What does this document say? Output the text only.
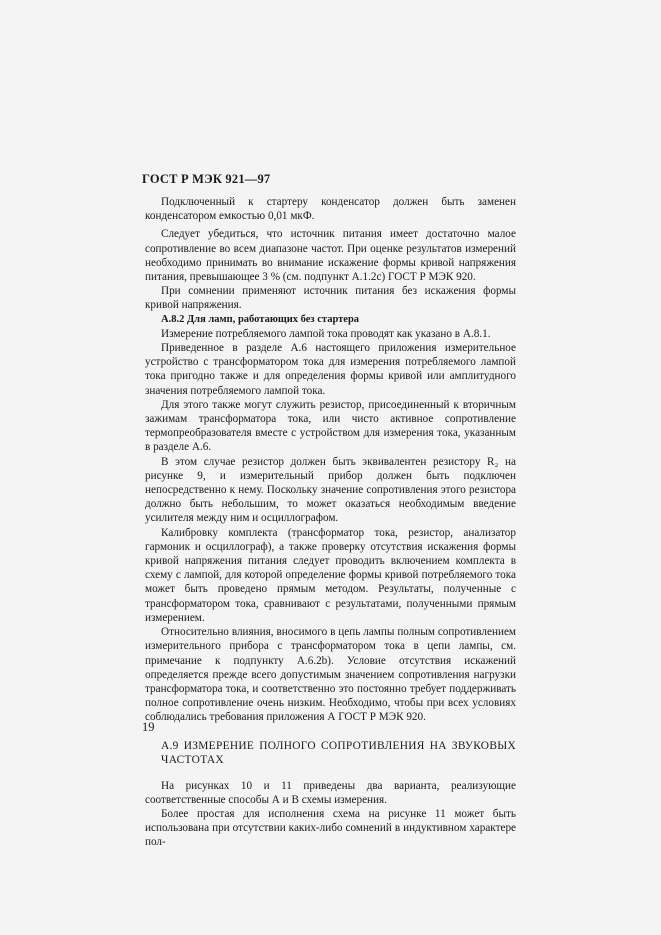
ГОСТ Р МЭК 921—97

Подключенный к стартеру конденсатор должен быть заменен конденсатором емкостью 0,01 мкФ.

Следует убедиться, что источник питания имеет достаточно малое сопротивление во всем диапазоне частот. При оценке результатов измерений необходимо принимать во внимание искажение формы кривой напряжения питания, превышающее 3 % (см. подпункт А.1.2с) ГОСТ Р МЭК 920.

При сомнении применяют источник питания без искажения формы кривой напряжения.

А.8.2 Для ламп, работающих без стартера

Измерение потребляемого лампой тока проводят как указано в А.8.1.

Приведенное в разделе А.6 настоящего приложения измерительное устройство с трансформатором тока для измерения потребляемого лампой тока пригодно также и для определения формы кривой или амплитудного значения потребляемого лампой тока.

Для этого также могут служить резистор, присоединенный к вторичным зажимам трансформатора тока, или чисто активное сопротивление термопреобразователя вместе с устройством для измерения тока, указанным в разделе А.6.

В этом случае резистор должен быть эквивалентен резистору R₂ на рисунке 9, и измерительный прибор должен быть подключен непосредственно к нему. Поскольку значение сопротивления этого резистора должно быть небольшим, то может оказаться необходимым введение усилителя между ним и осциллографом.

Калибровку комплекта (трансформатор тока, резистор, анализатор гармоник и осциллограф), а также проверку отсутствия искажения формы кривой напряжения питания следует проводить включением комплекта в схему с лампой, для которой определение формы кривой потребляемого тока может быть проведено прямым методом. Результаты, полученные с трансформатором тока, сравнивают с результатами, полученными прямым измерением.

Относительно влияния, вносимого в цепь лампы полным сопротивлением измерительного прибора с трансформатором тока в цепи лампы, см. примечание к подпункту А.6.2b). Условие отсутствия искажений определяется прежде всего допустимым значением сопротивления нагрузки трансформатора тока, и соответственно это постоянно требует поддерживать полное сопротивление очень низким. Необходимо, чтобы при всех условиях соблюдались требования приложения А ГОСТ Р МЭК 920.

А.9 ИЗМЕРЕНИЕ ПОЛНОГО СОПРОТИВЛЕНИЯ НА ЗВУКОВЫХ ЧАСТОТАХ

На рисунках 10 и 11 приведены два варианта, реализующие соответственные способы А и В схемы измерения.

Более простая для исполнения схема на рисунке 11 может быть использована при отсутствии каких-либо сомнений в индуктивном характере пол-

19
